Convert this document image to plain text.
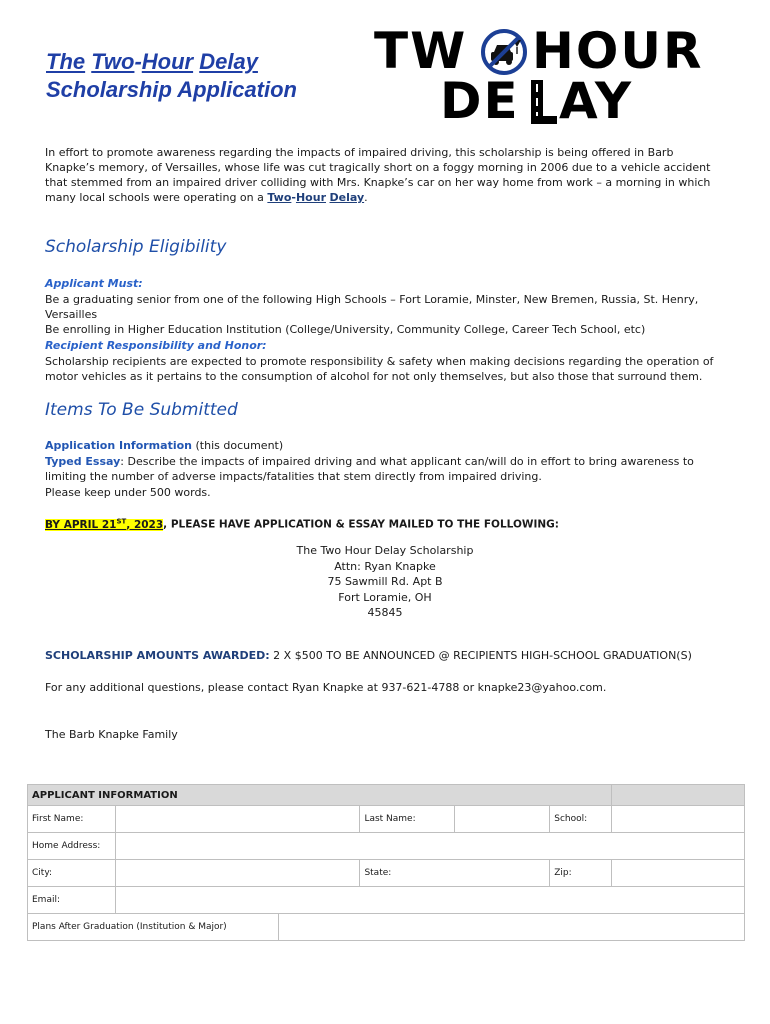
The Two-Hour Delay
Scholarship Application
TW HOUR
DE AY
In effort to promote awareness regarding the impacts of impaired driving, this scholarship is being offered in Barb Knapke’s memory, of Versailles, whose life was cut tragically short on a foggy morning in 2006 due to a vehicle accident that stemmed from an impaired driver colliding with Mrs. Knapke’s car on her way home from work – a morning in which many local schools were operating on a Two-Hour Delay.
Scholarship Eligibility
Applicant Must:
Be a graduating senior from one of the following High Schools – Fort Loramie, Minster, New Bremen, Russia, St. Henry, Versailles
Be enrolling in Higher Education Institution (College/University, Community College, Career Tech School, etc)
Recipient Responsibility and Honor:
Scholarship recipients are expected to promote responsibility & safety when making decisions regarding the operation of motor vehicles as it pertains to the consumption of alcohol for not only themselves, but also those that surround them.
Items To Be Submitted
Application Information (this document)
Typed Essay: Describe the impacts of impaired driving and what applicant can/will do in effort to bring awareness to limiting the number of adverse impacts/fatalities that stem directly from impaired driving.
Please keep under 500 words.
BY APRIL 21ST, 2023, PLEASE HAVE APPLICATION & ESSAY MAILED TO THE FOLLOWING:
The Two Hour Delay Scholarship
Attn: Ryan Knapke
75 Sawmill Rd. Apt B
Fort Loramie, OH
45845
SCHOLARSHIP AMOUNTS AWARDED: 2 X $500 TO BE ANNOUNCED @ RECIPIENTS HIGH-SCHOOL GRADUATION(S)
For any additional questions, please contact Ryan Knapke at 937-621-4788 or knapke23@yahoo.com.
The Barb Knapke Family
APPLICANT INFORMATION					
First Name:			Last Name:	School:	
Home Address:					
City:			State:	Zip:	
Email:					
Plans After Graduation (Institution & Major)					
